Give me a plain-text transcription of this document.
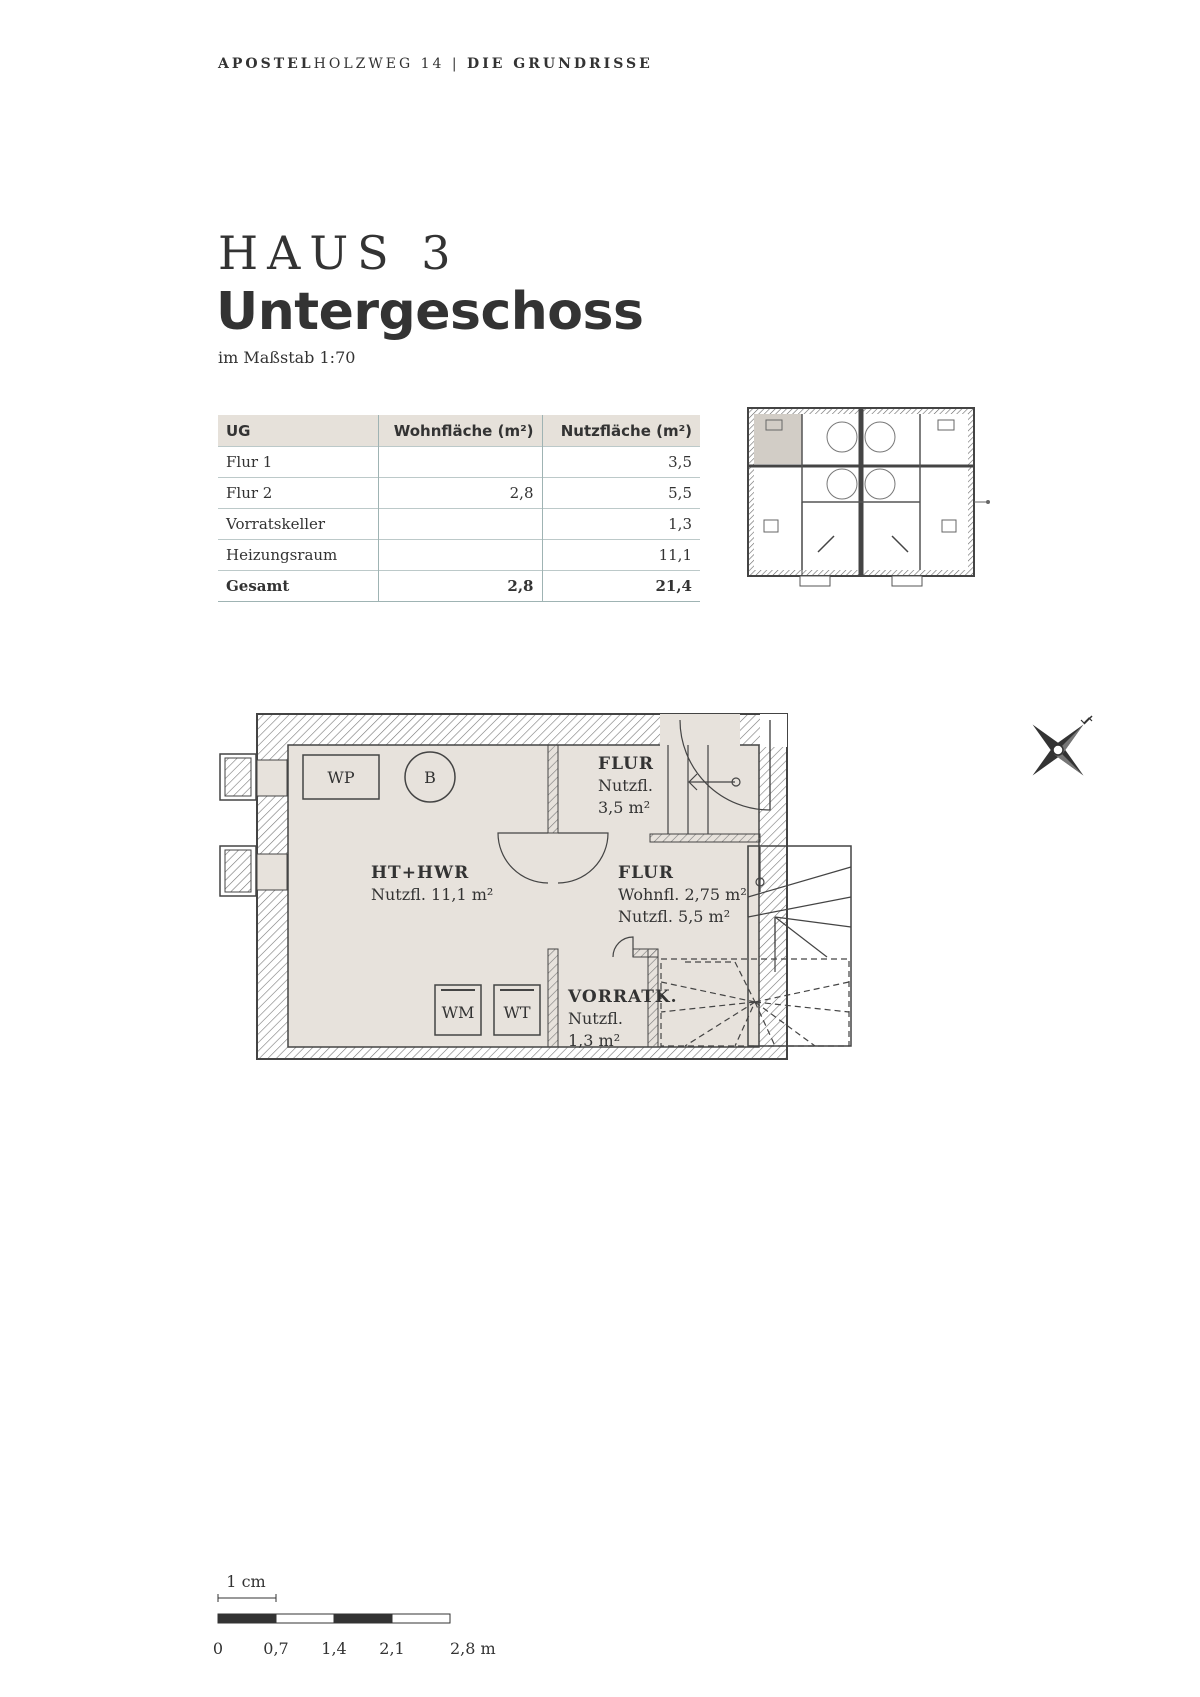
APOSTELHOLZWEG 14 | DIE GRUNDRISSE
HAUS 3
Untergeschoss
im Maßstab 1:70
UG	Wohnfläche (m²)	Nutzfläche (m²)
Flur 1		3,5
Flur 2	2,8	5,5
Vorratskeller		1,3
Heizungsraum		11,1
Gesamt	2,8	21,4
WP	B
WM WT
HT+HWR
Nutzfl. 11,1 m²
FLUR
Nutzfl.
3,5 m²
FLUR
Wohnfl. 2,75 m²
Nutzfl. 5,5 m²
VORRATK.
Nutzfl.
1,3 m²
1 cm
0	0,7 1,4 2,1	2,8 m
